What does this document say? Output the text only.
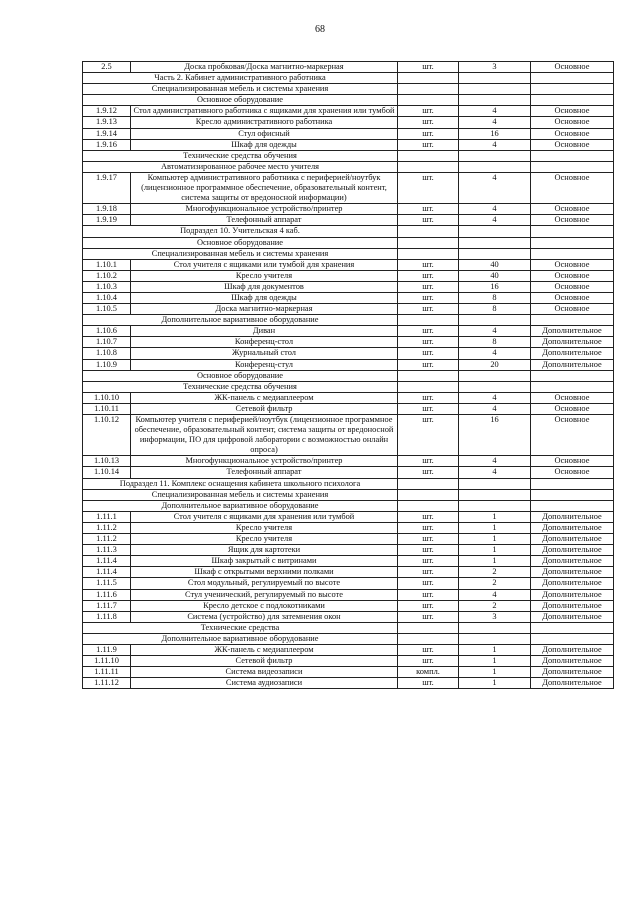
68
2.5	Доска пробковая/Доска магнитно-маркерная	шт.	3	Основное
Часть 2. Кабинет административного работника				
Специализированная мебель и системы хранения				
Основное оборудование				
1.9.12	Стол административного работника с ящиками для хранения или тумбой	шт.	4	Основное
1.9.13	Кресло административного работника	шт.	4	Основное
1.9.14	Стул офисный	шт.	16	Основное
1.9.16	Шкаф для одежды	шт.	4	Основное
Технические средства обучения				
Автоматизированное рабочее место учителя				
1.9.17	Компьютер административного работника с периферией/ноутбук (лицензионное программное обеспечение, образовательный контент, система защиты от вредоносной информации)	шт.	4	Основное
1.9.18	Многофункциональное устройство/принтер	шт.	4	Основное
1.9.19	Телефонный аппарат	шт.	4	Основное
Подраздел 10. Учительская 4 каб.				
Основное оборудование				
Специализированная мебель и системы хранения				
1.10.1	Стол учителя с ящиками или тумбой для хранения	шт.	40	Основное
1.10.2	Кресло учителя	шт.	40	Основное
1.10.3	Шкаф для документов	шт.	16	Основное
1.10.4	Шкаф для одежды	шт.	8	Основное
1.10.5	Доска магнитно-маркерная	шт.	8	Основное
Дополнительное вариативное оборудование				
1.10.6	Диван	шт.	4	Дополнительное
1.10.7	Конференц-стол	шт.	8	Дополнительное
1.10.8	Журнальный стол	шт.	4	Дополнительное
1.10.9	Конференц-стул	шт.	20	Дополнительное
Основное оборудование				
Технические средства обучения				
1.10.10	ЖК-панель с медиаплеером	шт.	4	Основное
1.10.11	Сетевой фильтр	шт.	4	Основное
1.10.12	Компьютер учителя с периферией/ноутбук (лицензионное программное обеспечение, образовательный контент, система защиты от вредоносной информации, ПО для цифровой лаборатории с возможностью онлайн опроса)	шт.	16	Основное
1.10.13	Многофункциональное устройство/принтер	шт.	4	Основное
1.10.14	Телефонный аппарат	шт.	4	Основное
Подраздел 11. Комплекс оснащения кабинета школьного психолога				
Специализированная мебель и системы хранения				
Дополнительное вариативное оборудование				
1.11.1	Стол учителя с ящиками для хранения или тумбой	шт.	1	Дополнительное
1.11.2	Кресло учителя	шт.	1	Дополнительное
1.11.2	Кресло учителя	шт.	1	Дополнительное
1.11.3	Ящик для картотеки	шт.	1	Дополнительное
1.11.4	Шкаф закрытый с витринами	шт.	1	Дополнительное
1.11.4	Шкаф с открытыми верхними полками	шт.	2	Дополнительное
1.11.5	Стол модульный, регулируемый по высоте	шт.	2	Дополнительное
1.11.6	Стул ученический, регулируемый по высоте	шт.	4	Дополнительное
1.11.7	Кресло детское с подлокотниками	шт.	2	Дополнительное
1.11.8	Система (устройство) для затемнения окон	шт.	3	Дополнительное
Технические средства				
Дополнительное вариативное оборудование				
1.11.9	ЖК-панель с медиаплеером	шт.	1	Дополнительное
1.11.10	Сетевой фильтр	шт.	1	Дополнительное
1.11.11	Система видеозаписи	компл.	1	Дополнительное
1.11.12	Система аудиозаписи	шт.	1	Дополнительное
